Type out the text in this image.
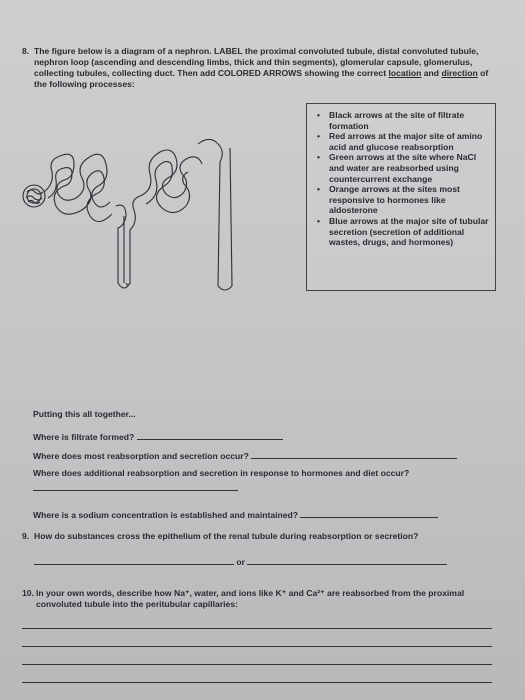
8. The figure below is a diagram of a nephron. LABEL the proximal convoluted tubule, distal convoluted tubule, nephron loop (ascending and descending limbs, thick and thin segments), glomerular capsule, glomerulus, collecting tubules, collecting duct. Then add COLORED ARROWS showing the correct location and direction of the following processes:
• Black arrows at the site of filtrate formation
• Red arrows at the major site of amino acid and glucose reabsorption
• Green arrows at the site where NaCl and water are reabsorbed using countercurrent exchange
• Orange arrows at the sites most responsive to hormones like aldosterone
• Blue arrows at the major site of tubular secretion (secretion of additional wastes, drugs, and hormones)
Putting this all together...
Where is filtrate formed?
Where does most reabsorption and secretion occur?
Where does additional reabsorption and secretion in response to hormones and diet occur?
Where is a sodium concentration is established and maintained?
9. How do substances cross the epithelium of the renal tubule during reabsorption or secretion?
or
10. In your own words, describe how Na⁺, water, and ions like K⁺ and Ca²⁺ are reabsorbed from the proximal convoluted tubule into the peritubular capillaries:
